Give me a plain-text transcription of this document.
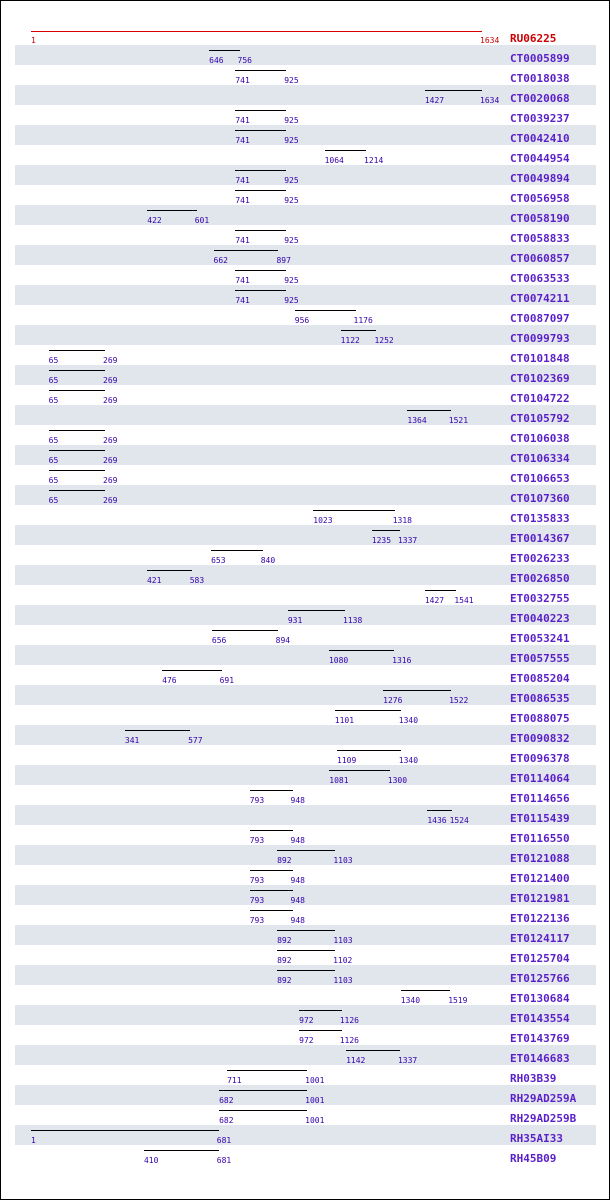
1	1634 RU06225
646 756	CT0005899
741	925	CT0018038
1427	1634 CT0020068
741	925	CT0039237
741	925	CT0042410
1064	1214	CT0044954
741	925	CT0049894
741	925	CT0056958
422	601	CT0058190
741	925	CT0058833
662	897	CT0060857
741	925	CT0063533
741	925	CT0074211
956	1176	CT0087097
1122 1252	CT0099793
65	269	CT0101848
65	269	CT0102369
65	269	CT0104722
1364	1521	CT0105792
65	269	CT0106038
65	269	CT0106334
65	269	CT0106653
65	269	CT0107360
1023	1318	CT0135833
1235 1337	ET0014367
653	840	ET0026233
421	583	ET0026850
1427 1541	ET0032755
931	1138	ET0040223
656	894	ET0053241
1080	1316	ET0057555
476	691	ET0085204
1276	1522	ET0086535
1101	1340	ET0088075
341	577	ET0090832
1109	1340	ET0096378
1081	1300	ET0114064
793	948	ET0114656
1436 1524	ET0115439
793	948	ET0116550
892	1103	ET0121088
793	948	ET0121400
793	948	ET0121981
793	948	ET0122136
892	1103	ET0124117
892	1102	ET0125704
892	1103	ET0125766
1340	1519	ET0130684
972	1126	ET0143554
972	1126	ET0143769
1142	1337	ET0146683
711	1001	RH03B39
682	1001	RH29AD259A
682	1001	RH29AD259B
1	681	RH35AI33
410	681	RH45B09
